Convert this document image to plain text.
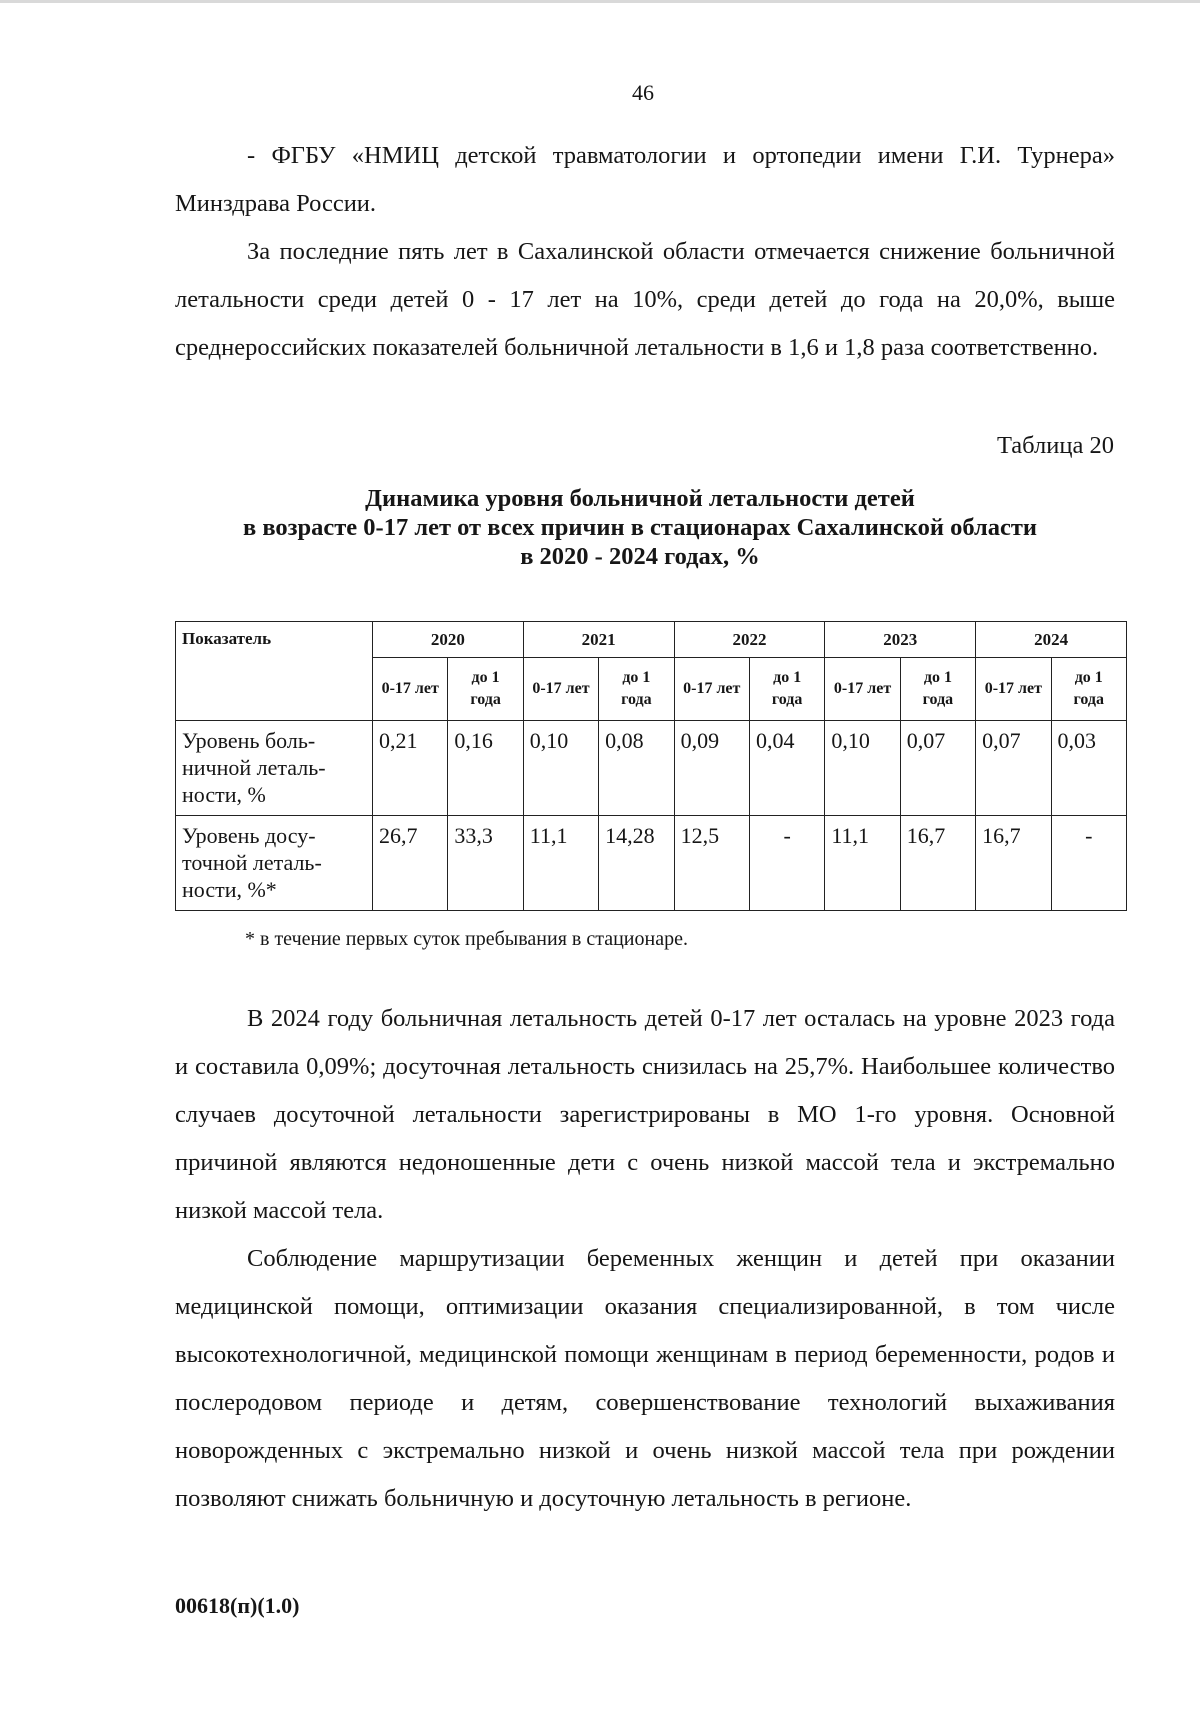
46

- ФГБУ «НМИЦ детской травматологии и ортопедии имени Г.И. Турнера» Минздрава России.

За последние пять лет в Сахалинской области отмечается снижение больничной летальности среди детей 0 - 17 лет на 10%, среди детей до года на 20,0%, выше среднероссийских показателей больничной летальности в 1,6 и 1,8 раза соответственно.

Таблица 20
Динамика уровня больничной летальности детей
в возрасте 0-17 лет от всех причин в стационарах Сахалинской области
в 2020 - 2024 годах, %
Показатель	2020		2021		2022		2023		2024	
	0-17 лет	до 1 года	0-17 лет	до 1 года	0-17 лет	до 1 года	0-17 лет	до 1 года	0-17 лет	до 1 года
Уровень боль-ничной леталь-ности, %	0,21	0,16	0,10	0,08	0,09	0,04	0,10	0,07	0,07	0,03
Уровень досу-точной леталь-ности, %*	26,7	33,3	11,1	14,28	12,5	-	11,1	16,7	16,7	-
* в течение первых суток пребывания в стационаре.

В 2024 году больничная летальность детей 0-17 лет осталась на уровне 2023 года и составила 0,09%; досуточная летальность снизилась на 25,7%. Наибольшее количество случаев досуточной летальности зарегистрированы в МО 1-го уровня. Основной причиной являются недоношенные дети с очень низкой массой тела и экстремально низкой массой тела.

Соблюдение маршрутизации беременных женщин и детей при оказании медицинской помощи, оптимизации оказания специализированной, в том числе высокотехнологичной, медицинской помощи женщинам в период беременности, родов и послеродовом периоде и детям, совершенствование технологий выхаживания новорожденных с экстремально низкой и очень низкой массой тела при рождении позволяют снижать больничную и досуточную летальность в регионе.

00618(п)(1.0)
